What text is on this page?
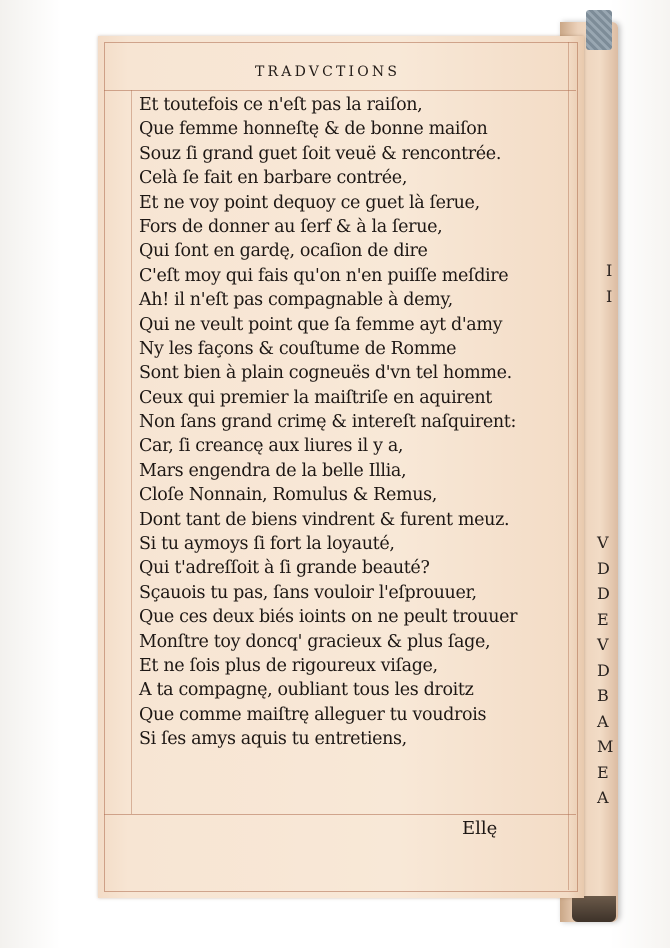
I
I
V
D
D
E
V
D
B
A
M
E
A
TRADVCTIONS
Et toutefois ce n'eſt pas la raiſon,
Que femme honneſtę & de bonne maiſon
Souz ſi grand guet ſoit veuë & rencontrée.
Celà ſe fait en barbare contrée,
Et ne voy point dequoy ce guet là ſerue,
Fors de donner au ſerf & à la ſerue,
Qui ſont en gardę, ocaſion de dire
C'eſt moy qui fais qu'on n'en puiſſe meſdire
Ah! il n'eſt pas compagnable à demy,
Qui ne veult point que ſa femme ayt d'amy
Ny les façons & couſtume de Romme
Sont bien à plain cogneuës d'vn tel homme.
Ceux qui premier la maiſtriſe en aquirent
Non ſans grand crimę & intereſt naſquirent:
Car, ſi creancę aux liures il y a,
Mars engendra de la belle Illia,
Cloſe Nonnain, Romulus & Remus,
Dont tant de biens vindrent & furent meuz.
Si tu aymoys ſi fort la loyauté,
Qui t'adreſſoit à ſi grande beauté?
Sçauois tu pas, ſans vouloir l'eſprouuer,
Que ces deux biés ioints on ne peult trouuer
Monſtre toy doncq' gracieux & plus ſage,
Et ne ſois plus de rigoureux viſage,
A ta compagnę, oubliant tous les droitz
Que comme maiſtrę alleguer tu voudrois
Si ſes amys aquis tu entretiens,
Ellę
